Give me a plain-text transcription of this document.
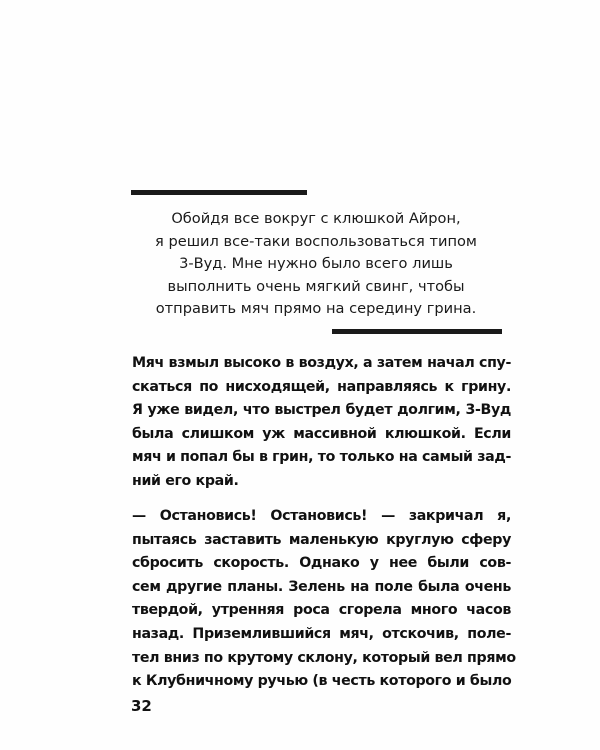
Обойдя все вокруг с клюшкой Айрон,
я решил все-таки воспользоваться типом
3-Вуд. Мне нужно было всего лишь
выполнить очень мягкий свинг, чтобы
отправить мяч прямо на середину грина.
Мяч взмыл высоко в воздух, а затем начал спу-
скаться по нисходящей, направляясь к грину.
Я уже видел, что выстрел будет долгим, 3-Вуд
была слишком уж массивной клюшкой. Если
мяч и попал бы в грин, то только на самый зад-
ний его край.
— Остановись! Остановись! — закричал я,
пытаясь заставить маленькую круглую сферу
сбросить скорость. Однако у нее были сов-
сем другие планы. Зелень на поле была очень
твердой, утренняя роса сгорела много часов
назад. Приземлившийся мяч, отскочив, поле-
тел вниз по крутому склону, который вел прямо
к Клубничному ручью (в честь которого и было
32
